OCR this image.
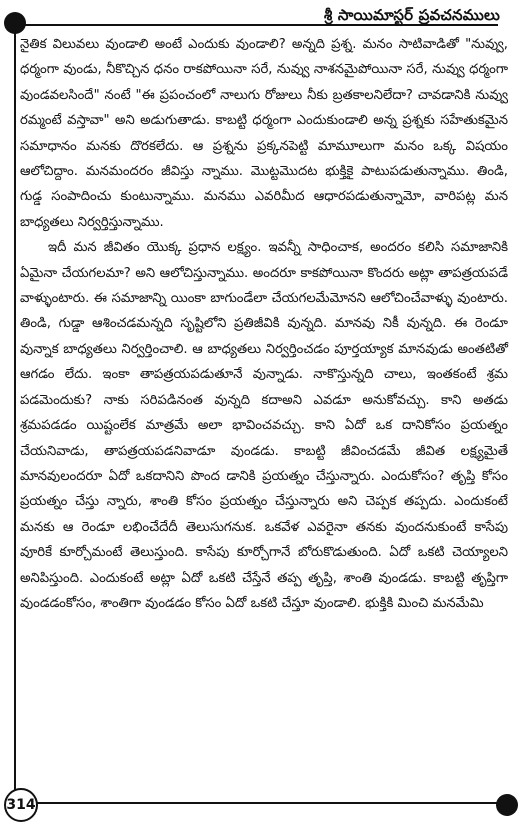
శ్రీ సాయిమాస్టర్ ప్రవచనములు

నైతిక విలువలు వుండాలి అంటే ఎందుకు వుండాలి? అన్నది ప్రశ్న. మనం సాటివాడితో "నువ్వు, ధర్మంగా వుండు, నీకొచ్చిన ధనం రాకపోయినా సరే, నువ్వు నాశనమైపోయినా సరే, నువ్వు ధర్మంగా వుండవలసిందే" నంటే "ఈ ప్రపంచంలో నాలుగు రోజులు నీకు బ్రతకాలనిలేదా? చావడానికి నువ్వు రమ్మంటే వస్తావా" అని అడుగుతాడు. కాబట్టి ధర్మంగా ఎందుకుండాలి అన్న ప్రశ్నకు సహేతుకమైన సమాధానం మనకు దొరకలేదు. ఆ ప్రశ్నను ప్రక్కనపెట్టి మామూలుగా మనం ఒక్క విషయం ఆలోచిద్దాం. మనమందరం జీవిస్తు న్నాము. మొట్టమొదట భుక్తికై పాటుపడుతున్నాము. తిండి, గుడ్డ సంపాదించు కుంటున్నాము. మనము ఎవరిమీద ఆధారపడుతున్నామో, వారిపట్ల మన బాధ్యతలు నిర్వర్తిస్తున్నాము.

ఇదీ మన జీవితం యొక్క ప్రధాన లక్ష్యం. ఇవన్నీ సాధించాక, అందరం కలిసి సమాజానికి ఏమైనా చేయగలమా? అని ఆలోచిస్తున్నాము. అందరూ కాకపోయినా కొందరు అట్లా తాపత్రయపడే వాళ్ళుంటారు. ఈ సమాజాన్ని యింకా బాగుండేలా చేయగలమేమోనని ఆలోచించేవాళ్ళు వుంటారు. తిండి, గుడ్డా ఆశించడమన్నది సృష్టిలోని ప్రతిజీవికి వున్నది. మానవు నికీ వున్నది. ఈ రెండూ వున్నాక బాధ్యతలు నిర్వర్తించాలి. ఆ బాధ్యతలు నిర్వర్తించడం పూర్తయ్యాక మానవుడు అంతటితో ఆగడం లేదు. ఇంకా తాపత్రయపడుతూనే వున్నాడు. నాకొస్తున్నది చాలు, ఇంతకంటే శ్రమ పడమెందుకు? నాకు సరిపడినంత వున్నది కదాఅని ఎవడూ అనుకోవచ్చు. కాని అతడు శ్రమపడడం యిష్టంలేక మాత్రమే అలా భావించవచ్చు. కాని ఏదో ఒక దానికోసం ప్రయత్నం చేయనివాడు, తాపత్రయపడనివాడూ వుండడు. కాబట్టి జీవించడమే జీవిత లక్ష్యమైతే మానవులందరూ ఏదో ఒకదానిని పొంద డానికి ప్రయత్నం చేస్తున్నారు. ఎందుకోసం? తృప్తి కోసం ప్రయత్నం చేస్తు న్నారు, శాంతి కోసం ప్రయత్నం చేస్తున్నారు అని చెప్పక తప్పదు. ఎందుకంటే మనకు ఆ రెండూ లభించేదేదీ తెలుసుగనుక. ఒకవేళ ఎవరైనా తనకు వుందనుకుంటే కాసేపు వూరికే కూర్చోమంటే తెలుస్తుంది. కాసేపు కూర్చోగానే బోరుకొడుతుంది. ఏదో ఒకటి చెయ్యాలని అనిపిస్తుంది. ఎందుకంటే అట్లా ఏదో ఒకటి చేస్తేనే తప్ప తృప్తి, శాంతి వుండడు. కాబట్టి తృప్తిగా వుండడంకోసం, శాంతిగా వుండడం కోసం ఏదో ఒకటి చేస్తూ వుండాలి. భుక్తికి మించి మనమేమి

314
